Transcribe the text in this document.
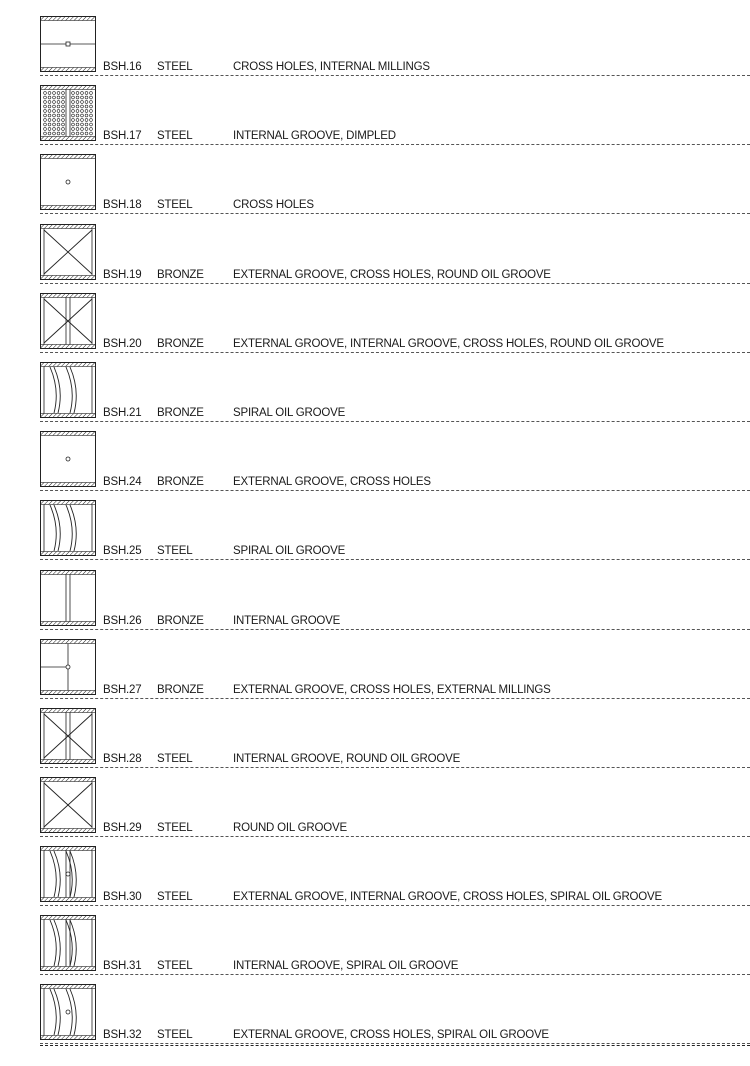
BSH.16 STEEL	CROSS HOLES, INTERNAL MILLINGS
BSH.17 STEEL	INTERNAL GROOVE, DIMPLED
BSH.18 STEEL	CROSS HOLES
BSH.19 BRONZE	EXTERNAL GROOVE, CROSS HOLES, ROUND OIL GROOVE
BSH.20 BRONZE	EXTERNAL GROOVE, INTERNAL GROOVE, CROSS HOLES, ROUND OIL GROOVE
BSH.21 BRONZE	SPIRAL OIL GROOVE
BSH.24 BRONZE	EXTERNAL GROOVE, CROSS HOLES
BSH.25 STEEL	SPIRAL OIL GROOVE
BSH.26 BRONZE	INTERNAL GROOVE
BSH.27 BRONZE	EXTERNAL GROOVE, CROSS HOLES, EXTERNAL MILLINGS
BSH.28 STEEL	INTERNAL GROOVE, ROUND OIL GROOVE
BSH.29 STEEL	ROUND OIL GROOVE
BSH.30 STEEL	EXTERNAL GROOVE, INTERNAL GROOVE, CROSS HOLES, SPIRAL OIL GROOVE
BSH.31 STEEL	INTERNAL GROOVE, SPIRAL OIL GROOVE
BSH.32 STEEL	EXTERNAL GROOVE, CROSS HOLES, SPIRAL OIL GROOVE
